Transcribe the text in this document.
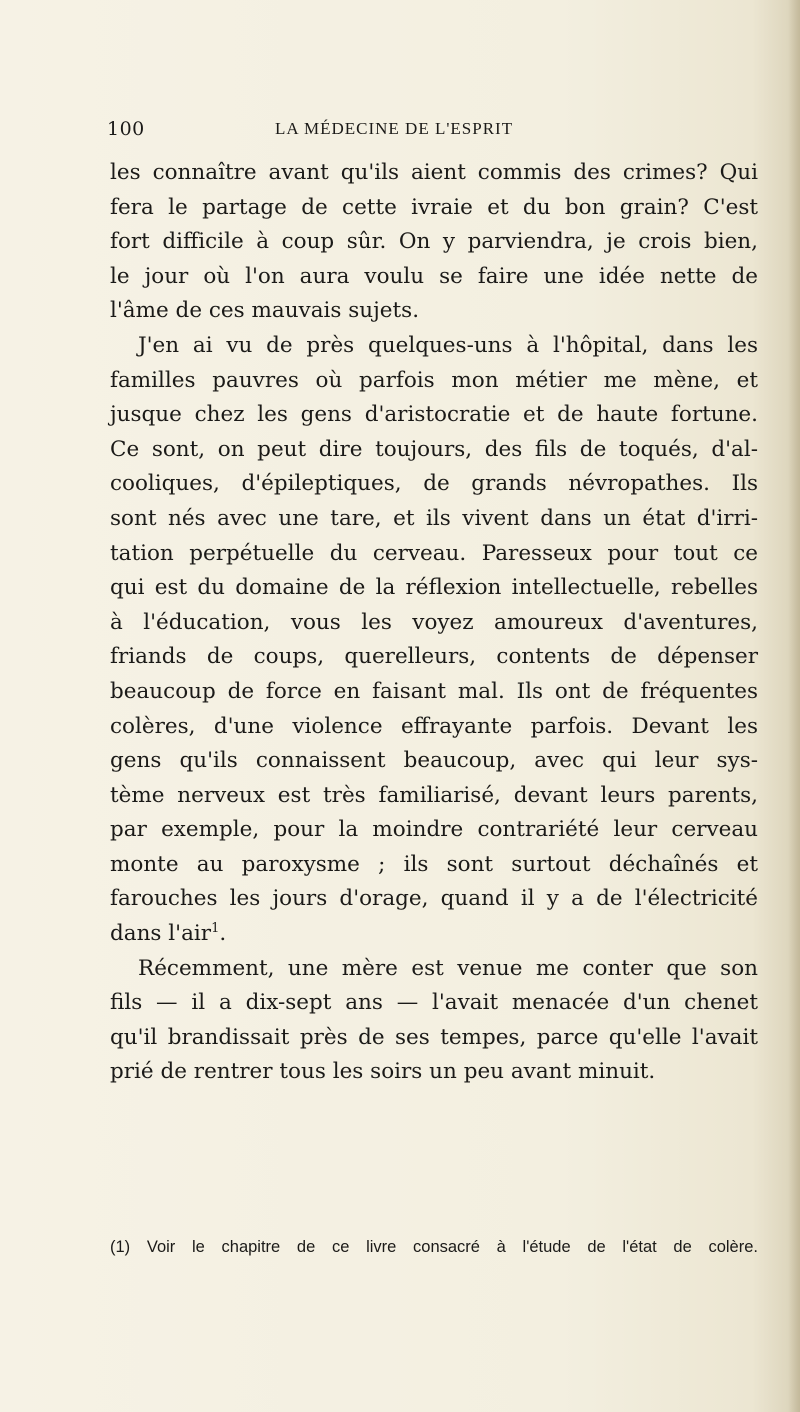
100	LA MÉDECINE DE L'ESPRIT
les connaître avant qu'ils aient commis des crimes? Qui
fera le partage de cette ivraie et du bon grain? C'est
fort difficile à coup sûr. On y parviendra, je crois bien,
le jour où l'on aura voulu se faire une idée nette de
l'âme de ces mauvais sujets.
J'en ai vu de près quelques-uns à l'hôpital, dans les
familles pauvres où parfois mon métier me mène, et
jusque chez les gens d'aristocratie et de haute fortune.
Ce sont, on peut dire toujours, des fils de toqués, d'al-
cooliques, d'épileptiques, de grands névropathes. Ils
sont nés avec une tare, et ils vivent dans un état d'irri-
tation perpétuelle du cerveau. Paresseux pour tout ce
qui est du domaine de la réflexion intellectuelle, rebelles
à l'éducation, vous les voyez amoureux d'aventures,
friands de coups, querelleurs, contents de dépenser
beaucoup de force en faisant mal. Ils ont de fréquentes
colères, d'une violence effrayante parfois. Devant les
gens qu'ils connaissent beaucoup, avec qui leur sys-
tème nerveux est très familiarisé, devant leurs parents,
par exemple, pour la moindre contrariété leur cerveau
monte au paroxysme ; ils sont surtout déchaînés et
farouches les jours d'orage, quand il y a de l'électricité
dans l'air$^1$.
Récemment, une mère est venue me conter que son
fils — il a dix-sept ans — l'avait menacée d'un chenet
qu'il brandissait près de ses tempes, parce qu'elle l'avait
prié de rentrer tous les soirs un peu avant minuit.
(1) Voir le chapitre de ce livre consacré à l'étude de l'état de colère.
